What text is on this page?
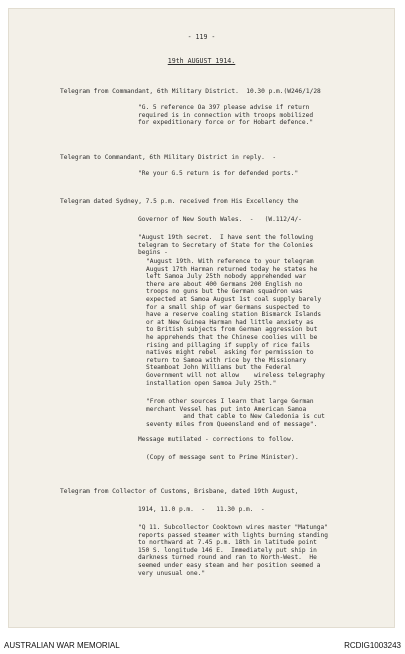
- 119 -
19th AUGUST 1914.
Telegram from Commandant, 6th Military District.  10.30 p.m.(W246/1/28
"G. 5 reference Oa 397 please advise if return
required is in connection with troops mobilized
for expeditionary force or for Hobart defence."
Telegram to Commandant, 6th Military District in reply.  -
"Re your G.5 return is for defended ports."
Telegram dated Sydney, 7.5 p.m. received from His Excellency the
Governor of New South Wales.  -   (W.112/4/-
"August 19th secret.  I have sent the following
telegram to Secretary of State for the Colonies
begins -
"August 19th. With reference to your telegram
August 17th Harman returned today he states he
left Samoa July 25th nobody apprehended war
there are about 400 Germans 200 English no
troops no guns but the German squadron was
expected at Samoa August 1st coal supply barely
for a small ship of war Germans suspected to
have a reserve coaling station Bismarck Islands
or at New Guinea Harman had little anxiety as
to British subjects from German aggression but
he apprehends that the Chinese coolies will be
rising and pillaging if supply of rice fails
natives might rebel  asking for permission to
return to Samoa with rice by the Missionary
Steamboat John Williams but the Federal
Government will not allow    wireless telegraphy
installation open Samoa July 25th."
"From other sources I learn that large German
merchant Vessel has put into American Samoa
and that cable to New Caledonia is cut
seventy miles from Queensland end of message".
Message mutilated - corrections to follow.
(Copy of message sent to Prime Minister).
Telegram from Collector of Customs, Brisbane, dated 19th August,
1914, 11.0 p.m.  -   11.30 p.m.  -
"Q 11. Subcollector Cooktown wires master "Matunga"
reports passed steamer with lights burning standing
to northward at 7.45 p.m. 18th in latitude point
150 S. longitude 146 E.  Immediately put ship in
darkness turned round and ran to North-West.  He
seemed under easy steam and her position seemed a
very unusual one."
AUSTRALIAN WAR MEMORIAL	RCDIG1003243
